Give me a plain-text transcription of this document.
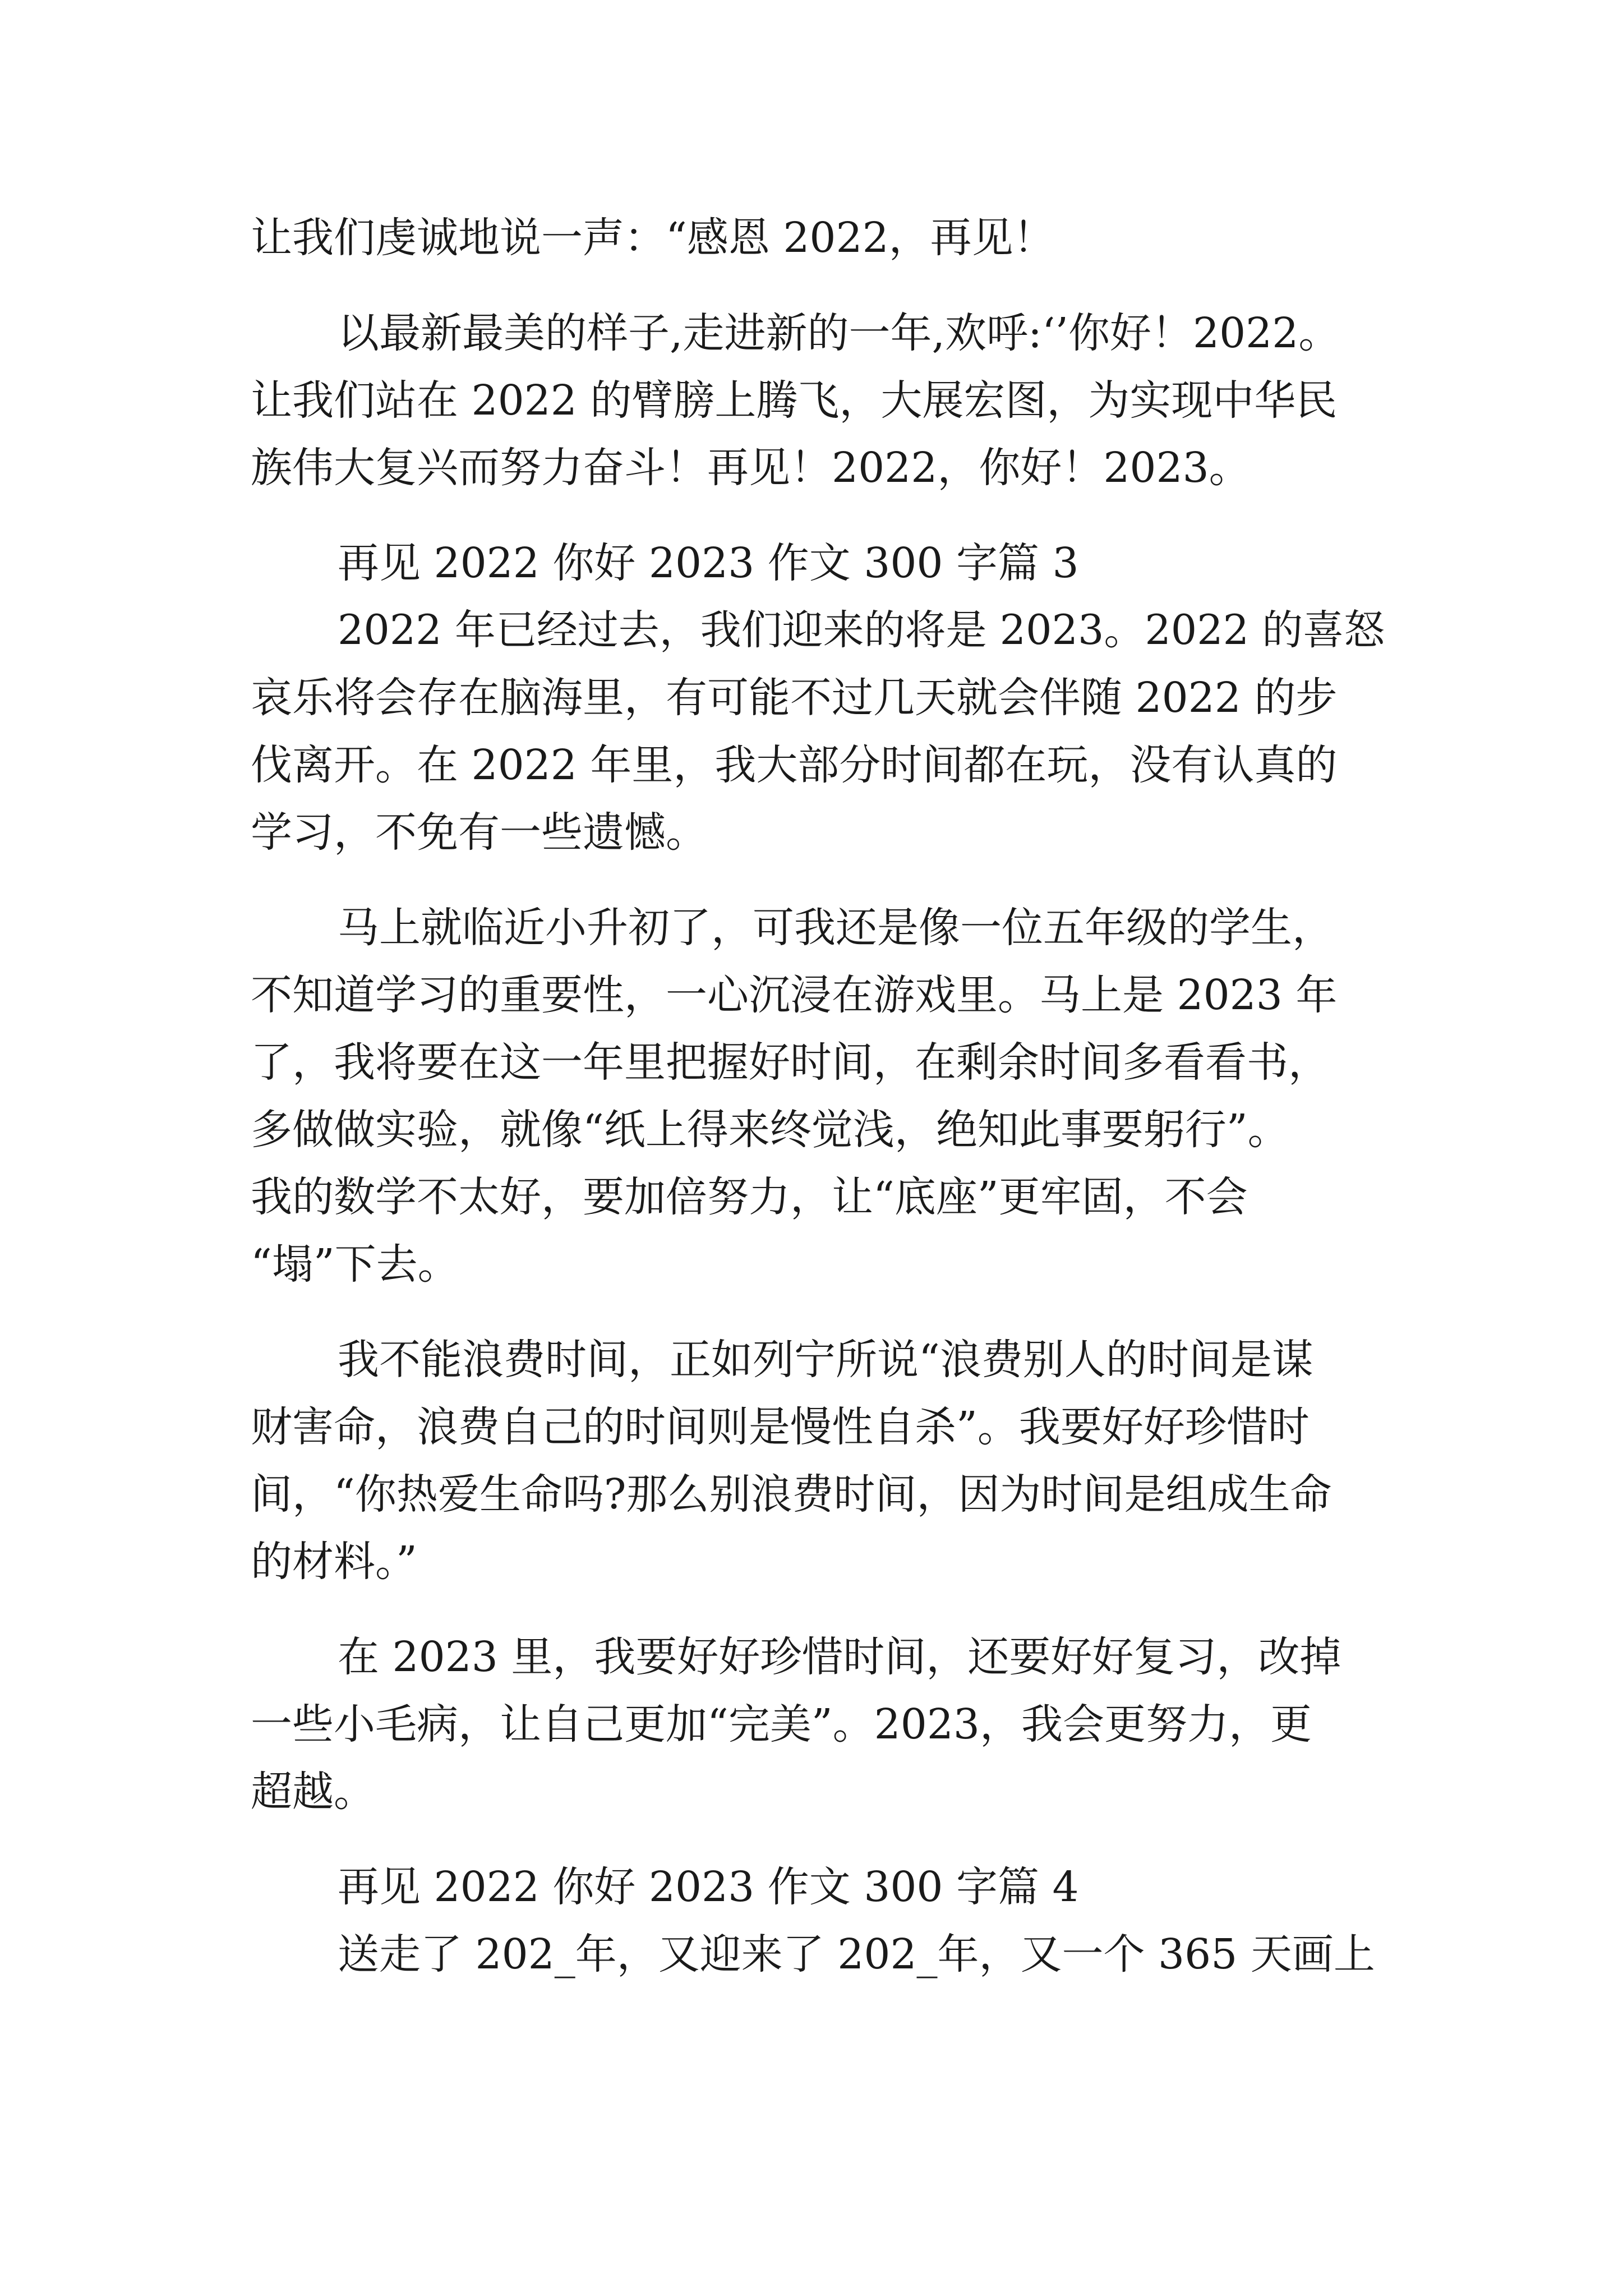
让我们虔诚地说一声：“感恩 2022，再见！

以最新最美的样子,走进新的一年,欢呼:‘’你好！2022。

让我们站在 2022 的臂膀上腾飞，大展宏图，为实现中华民

族伟大复兴而努力奋斗！再见！2022，你好！2023。

再见 2022 你好 2023 作文 300 字篇 3

2022 年已经过去，我们迎来的将是 2023。2022 的喜怒

哀乐将会存在脑海里，有可能不过几天就会伴随 2022 的步

伐离开。在 2022 年里，我大部分时间都在玩，没有认真的

学习，不免有一些遗憾。

马上就临近小升初了，可我还是像一位五年级的学生，

不知道学习的重要性，一心沉浸在游戏里。马上是 2023 年

了，我将要在这一年里把握好时间，在剩余时间多看看书，

多做做实验，就像“纸上得来终觉浅，绝知此事要躬行”。

我的数学不太好，要加倍努力，让“底座”更牢固，不会

“塌”下去。

我不能浪费时间，正如列宁所说“浪费别人的时间是谋

财害命，浪费自己的时间则是慢性自杀”。我要好好珍惜时

间，“你热爱生命吗?那么别浪费时间，因为时间是组成生命

的材料。”

在 2023 里，我要好好珍惜时间，还要好好复习，改掉

一些小毛病，让自己更加“完美”。2023，我会更努力，更

超越。

再见 2022 你好 2023 作文 300 字篇 4

送走了 202_年，又迎来了 202_年，又一个 365 天画上
